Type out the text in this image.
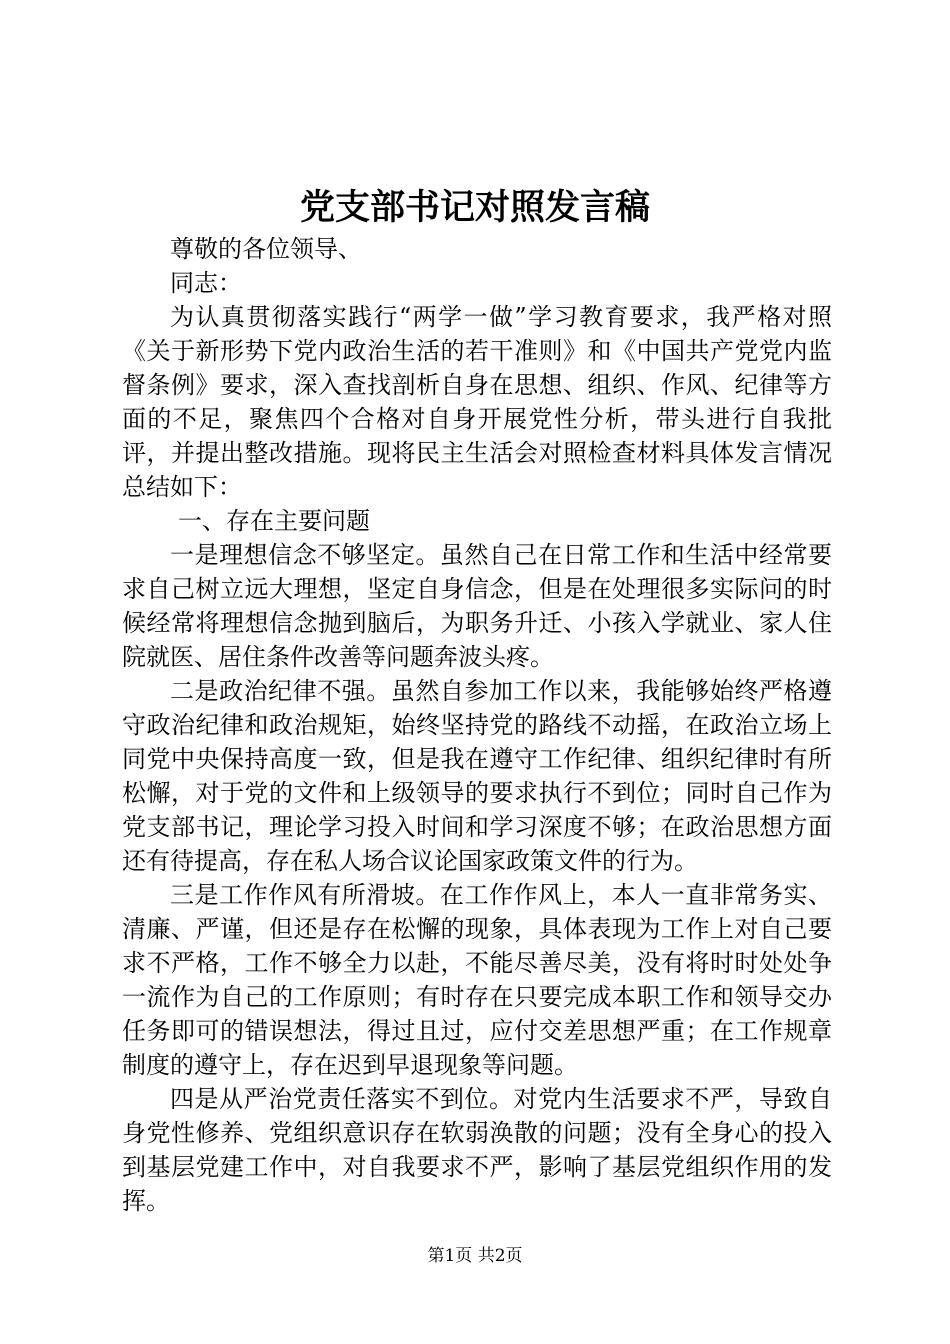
党支部书记对照发言稿

尊敬的各位领导、

同志：

为认真贯彻落实践行“两学一做”学习教育要求，我严格对照《关于新形势下党内政治生活的若干准则》和《中国共产党党内监督条例》要求，深入查找剖析自身在思想、组织、作风、纪律等方面的不足，聚焦四个合格对自身开展党性分析，带头进行自我批评，并提出整改措施。现将民主生活会对照检查材料具体发言情况总结如下：

一、存在主要问题

一是理想信念不够坚定。虽然自己在日常工作和生活中经常要求自己树立远大理想，坚定自身信念，但是在处理很多实际问的时候经常将理想信念抛到脑后，为职务升迁、小孩入学就业、家人住院就医、居住条件改善等问题奔波头疼。

二是政治纪律不强。虽然自参加工作以来，我能够始终严格遵守政治纪律和政治规矩，始终坚持党的路线不动摇，在政治立场上同党中央保持高度一致，但是我在遵守工作纪律、组织纪律时有所松懈，对于党的文件和上级领导的要求执行不到位；同时自己作为党支部书记，理论学习投入时间和学习深度不够；在政治思想方面还有待提高，存在私人场合议论国家政策文件的行为。

三是工作作风有所滑坡。在工作作风上，本人一直非常务实、清廉、严谨，但还是存在松懈的现象，具体表现为工作上对自己要求不严格，工作不够全力以赴，不能尽善尽美，没有将时时处处争一流作为自己的工作原则；有时存在只要完成本职工作和领导交办任务即可的错误想法，得过且过，应付交差思想严重；在工作规章制度的遵守上，存在迟到早退现象等问题。

四是从严治党责任落实不到位。对党内生活要求不严，导致自身党性修养、党组织意识存在软弱涣散的问题；没有全身心的投入到基层党建工作中，对自我要求不严，影响了基层党组织作用的发挥。

第1页 共2页
